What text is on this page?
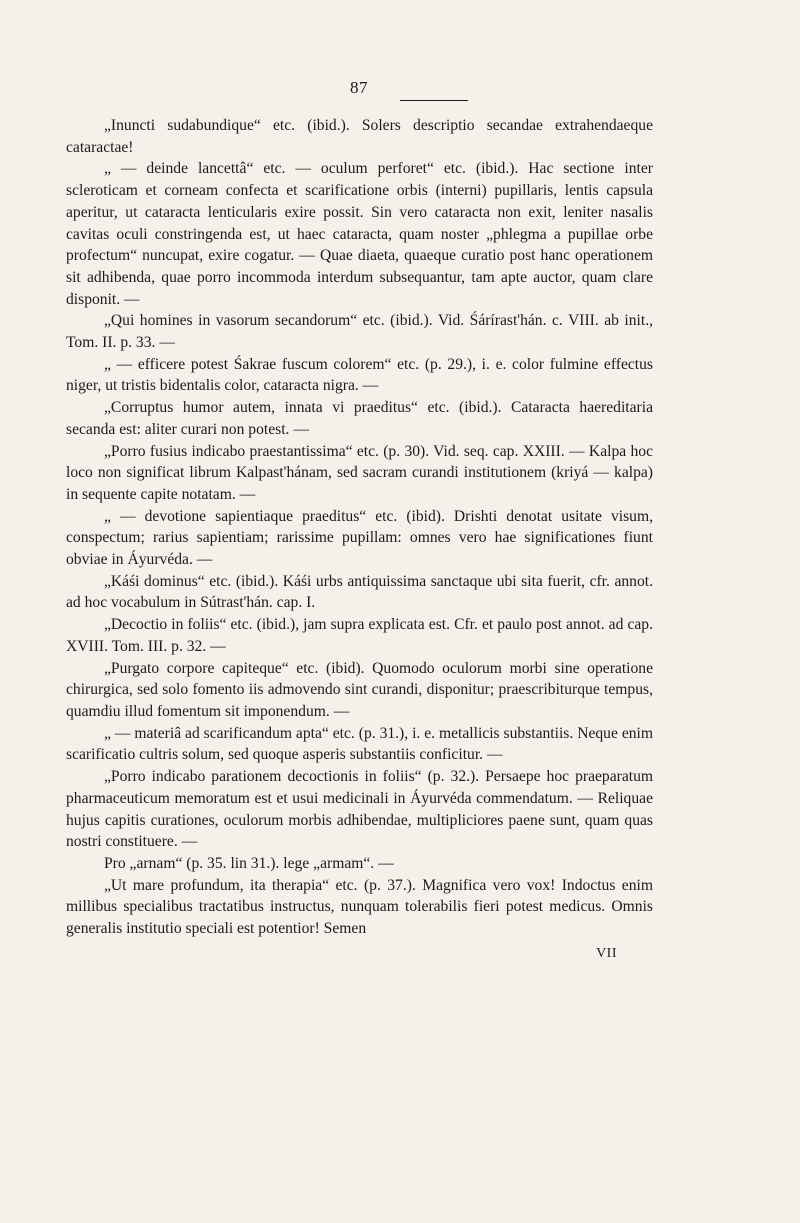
87

„Inuncti sudabundique“ etc. (ibid.). Solers descriptio secandae extrahendaeque cataractae!

„ — deinde lancettâ“ etc. — oculum perforet“ etc. (ibid.). Hac sectione inter scleroticam et corneam confecta et scarificatione orbis (interni) pupillaris, lentis capsula aperitur, ut cataracta lenticularis exire possit. Sin vero cataracta non exit, leniter nasalis cavitas oculi constringenda est, ut haec cataracta, quam noster „phlegma a pupillae orbe profectum“ nuncupat, exire cogatur. — Quae diaeta, quaeque curatio post hanc operationem sit adhibenda, quae porro incommoda interdum subsequantur, tam apte auctor, quam clare disponit. —

„Qui homines in vasorum secandorum“ etc. (ibid.). Vid. Śárírast'hán. c. VIII. ab init., Tom. II. p. 33. —

„ — efficere potest Śakrae fuscum colorem“ etc. (p. 29.), i. e. color fulmine effectus niger, ut tristis bidentalis color, cataracta nigra. —

„Corruptus humor autem, innata vi praeditus“ etc. (ibid.). Cataracta haereditaria secanda est: aliter curari non potest. —

„Porro fusius indicabo praestantissima“ etc. (p. 30). Vid. seq. cap. XXIII. — Kalpa hoc loco non significat librum Kalpast'hánam, sed sacram curandi institutionem (kriyá — kalpa) in sequente capite notatam. —

„ — devotione sapientiaque praeditus“ etc. (ibid). Drishti denotat usitate visum, conspectum; rarius sapientiam; rarissime pupillam: omnes vero hae significationes fiunt obviae in Áyurvéda. —

„Káśi dominus“ etc. (ibid.). Káśi urbs antiquissima sanctaque ubi sita fuerit, cfr. annot. ad hoc vocabulum in Sútrast'hán. cap. I.

„Decoctio in foliis“ etc. (ibid.), jam supra explicata est. Cfr. et paulo post annot. ad cap. XVIII. Tom. III. p. 32. —

„Purgato corpore capiteque“ etc. (ibid). Quomodo oculorum morbi sine operatione chirurgica, sed solo fomento iis admovendo sint curandi, disponitur; praescribiturque tempus, quamdiu illud fomentum sit imponendum. —

„ — materiâ ad scarificandum apta“ etc. (p. 31.), i. e. metallicis substantiis. Neque enim scarificatio cultris solum, sed quoque asperis substantiis conficitur. —

„Porro indicabo parationem decoctionis in foliis“ (p. 32.). Persaepe hoc praeparatum pharmaceuticum memoratum est et usui medicinali in Áyurvéda commendatum. — Reliquae hujus capitis curationes, oculorum morbis adhibendae, multipliciores paene sunt, quam quas nostri constituere. —

Pro „arnam“ (p. 35. lin 31.). lege „armam“. —

„Ut mare profundum, ita therapia“ etc. (p. 37.). Magnifica vero vox! Indoctus enim millibus specialibus tractatibus instructus, nunquam tolerabilis fieri potest medicus. Omnis generalis institutio speciali est potentior! Semen

VII
